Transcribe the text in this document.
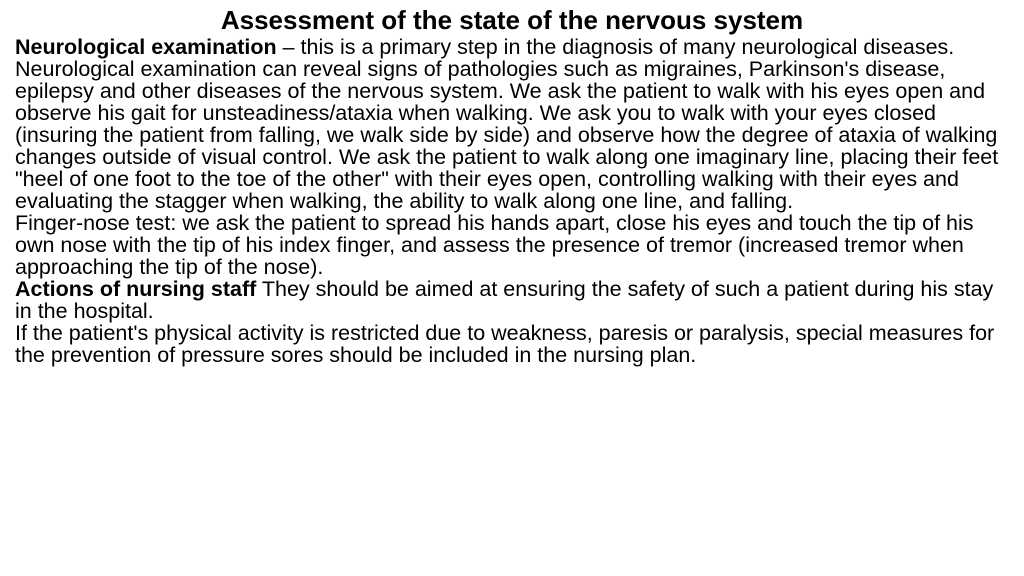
Assessment of the state of the nervous system

Neurological examination – this is a primary step in the diagnosis of many neurological diseases. Neurological examination can reveal signs of pathologies such as migraines, Parkinson's disease, epilepsy and other diseases of the nervous system. We ask the patient to walk with his eyes open and observe his gait for unsteadiness/ataxia when walking. We ask you to walk with your eyes closed (insuring the patient from falling, we walk side by side) and observe how the degree of ataxia of walking changes outside of visual control. We ask the patient to walk along one imaginary line, placing their feet "heel of one foot to the toe of the other" with their eyes open, controlling walking with their eyes and evaluating the stagger when walking, the ability to walk along one line, and falling.

Finger-nose test: we ask the patient to spread his hands apart, close his eyes and touch the tip of his own nose with the tip of his index finger, and assess the presence of tremor (increased tremor when approaching the tip of the nose).

Actions of nursing staff They should be aimed at ensuring the safety of such a patient during his stay in the hospital.

If the patient's physical activity is restricted due to weakness, paresis or paralysis, special measures for the prevention of pressure sores should be included in the nursing plan.
